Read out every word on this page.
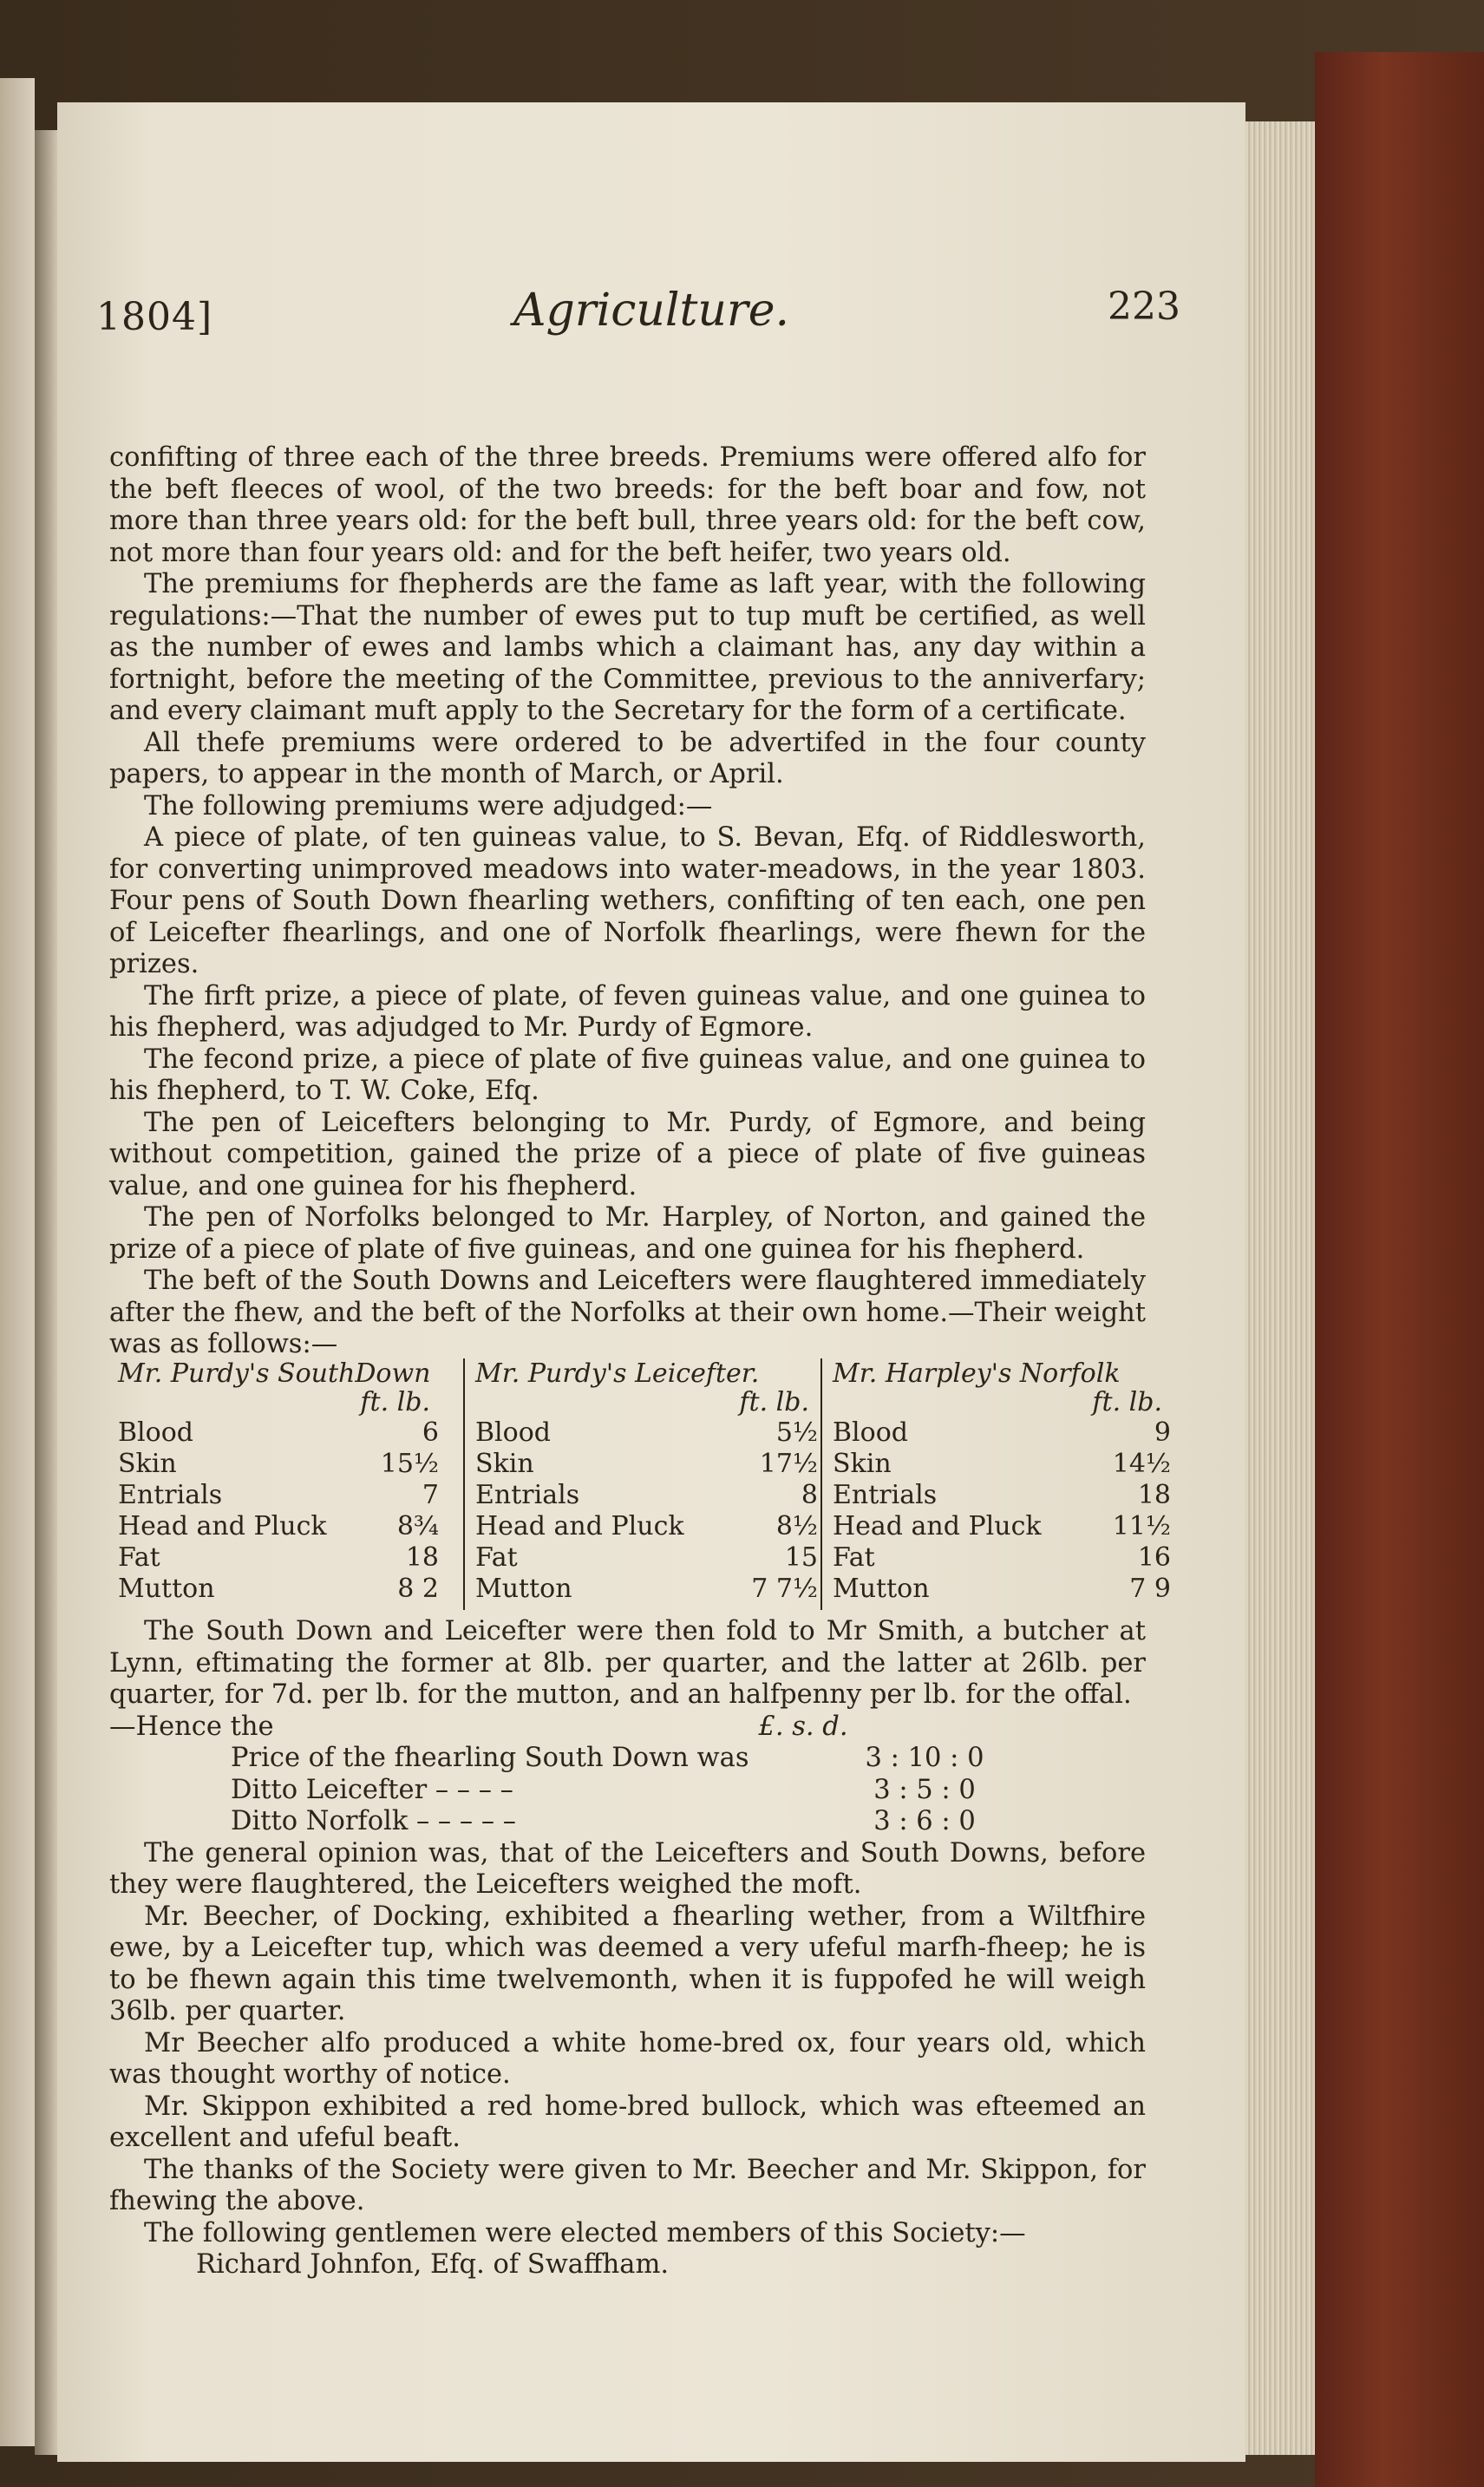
1804]	Agriculture.	223

confifting of three each of the three breeds. Premiums were offered alfo for the beft fleeces of wool, of the two breeds: for the beft boar and fow, not more than three years old: for the beft bull, three years old: for the beft cow, not more than four years old: and for the beft heifer, two years old.

The premiums for fhepherds are the fame as laft year, with the following regulations:—That the number of ewes put to tup muft be certified, as well as the number of ewes and lambs which a claimant has, any day within a fortnight, before the meeting of the Committee, previous to the anniverfary; and every claimant muft apply to the Secretary for the form of a certificate.

All thefe premiums were ordered to be advertifed in the four county papers, to appear in the month of March, or April.

The following premiums were adjudged:—

A piece of plate, of ten guineas value, to S. Bevan, Efq. of Riddlesworth, for converting unimproved meadows into water-meadows, in the year 1803. Four pens of South Down fhearling wethers, confifting of ten each, one pen of Leicefter fhearlings, and one of Norfolk fhearlings, were fhewn for the prizes.

The firft prize, a piece of plate, of feven guineas value, and one guinea to his fhepherd, was adjudged to Mr. Purdy of Egmore.

The fecond prize, a piece of plate of five guineas value, and one guinea to his fhepherd, to T. W. Coke, Efq.

The pen of Leicefters belonging to Mr. Purdy, of Egmore, and being without competition, gained the prize of a piece of plate of five guineas value, and one guinea for his fhepherd.

The pen of Norfolks belonged to Mr. Harpley, of Norton, and gained the prize of a piece of plate of five guineas, and one guinea for his fhepherd.

The beft of the South Downs and Leicefters were flaughtered immediately after the fhew, and the beft of the Norfolks at their own home.—Their weight was as follows:—

Mr. Purdy's SouthDown
ft. lb.
Blood	6
Skin	15½
Entrials	7
Head and Pluck	8¾
Fat	18
Mutton	8 2
Mr. Purdy's Leicefter.
ft. lb.
Blood	5½
Skin	17½
Entrials	8
Head and Pluck	8½
Fat	15
Mutton	7 7½
Mr. Harpley's Norfolk
ft. lb.
Blood	9
Skin	14½
Entrials	18
Head and Pluck	11½
Fat	16
Mutton	7 9

The South Down and Leicefter were then fold to Mr Smith, a butcher at Lynn, eftimating the former at 8lb. per quarter, and the latter at 26lb. per quarter, for 7d. per lb. for the mutton, and an halfpenny per lb. for the offal.

—Hence the	£. s. d.
Price of the fhearling South Down was	3 : 10 : 0
Ditto Leicefter – – – –	3 : 5 : 0
Ditto Norfolk – – – – –	3 : 6 : 0

The general opinion was, that of the Leicefters and South Downs, before they were flaughtered, the Leicefters weighed the moft.

Mr. Beecher, of Docking, exhibited a fhearling wether, from a Wiltfhire ewe, by a Leicefter tup, which was deemed a very ufeful marfh-fheep; he is to be fhewn again this time twelvemonth, when it is fuppofed he will weigh 36lb. per quarter.

Mr Beecher alfo produced a white home-bred ox, four years old, which was thought worthy of notice.

Mr. Skippon exhibited a red home-bred bullock, which was efteemed an excellent and ufeful beaft.

The thanks of the Society were given to Mr. Beecher and Mr. Skippon, for fhewing the above.

The following gentlemen were elected members of this Society:—

Richard Johnfon, Efq. of Swaffham.
